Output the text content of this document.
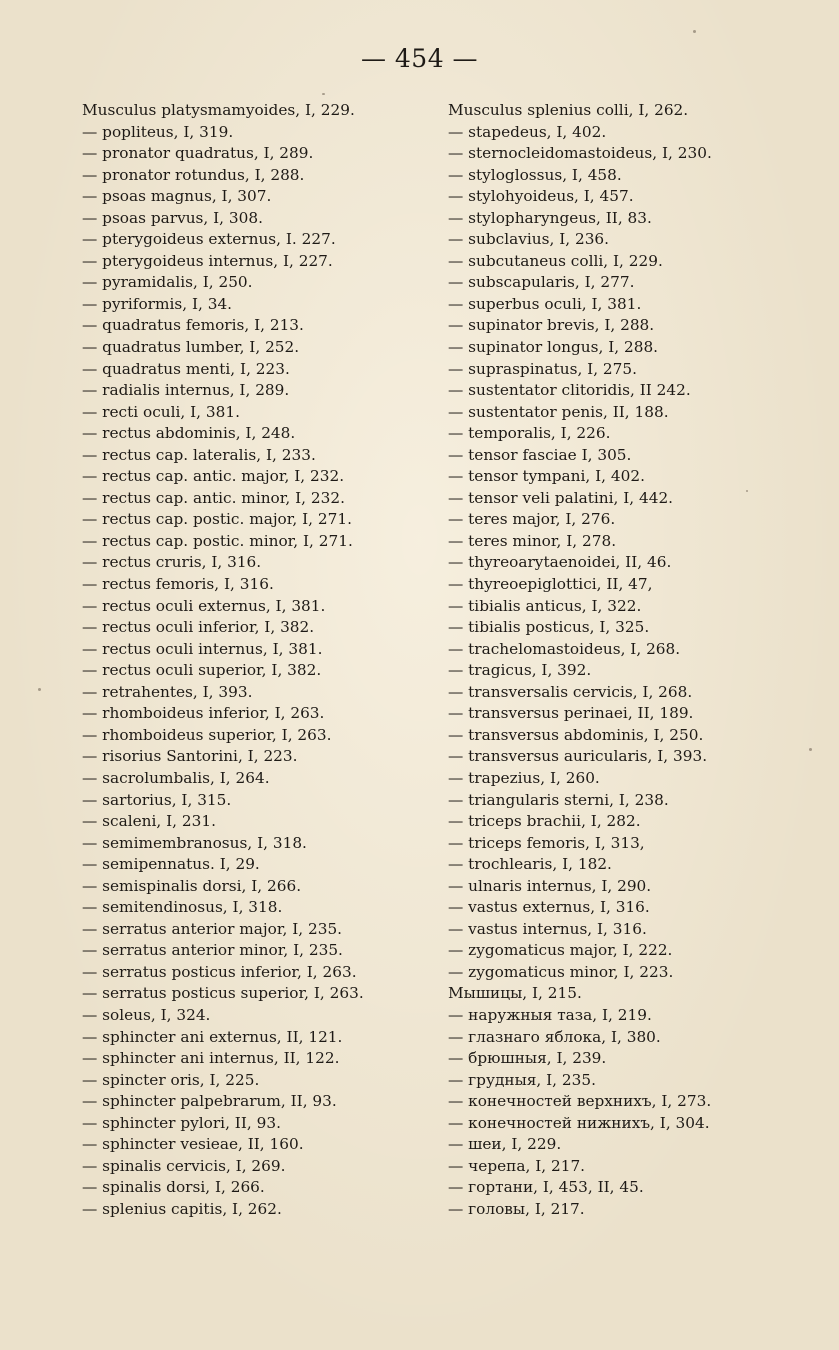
— 454 —
Musculus platysmamyoides, I, 229.
— popliteus, I, 319.
— pronator quadratus, I, 289.
— pronator rotundus, I, 288.
— psoas magnus, I, 307.
— psoas parvus, I, 308.
— pterygoideus externus, I. 227.
— pterygoideus internus, I, 227.
— pyramidalis, I, 250.
— pyriformis, I, 34.
— quadratus femoris, I, 213.
— quadratus lumber, I, 252.
— quadratus menti, I, 223.
— radialis internus, I, 289.
— recti oculi, I, 381.
— rectus abdominis, I, 248.
— rectus cap. lateralis, I, 233.
— rectus cap. antic. major, I, 232.
— rectus cap. antic. minor, I, 232.
— rectus cap. postic. major, I, 271.
— rectus cap. postic. minor, I, 271.
— rectus cruris, I, 316.
— rectus femoris, I, 316.
— rectus oculi externus, I, 381.
— rectus oculi inferior, I, 382.
— rectus oculi internus, I, 381.
— rectus oculi superior, I, 382.
— retrahentes, I, 393.
— rhomboideus inferior, I, 263.
— rhomboideus superior, I, 263.
— risorius Santorini, I, 223.
— sacrolumbalis, I, 264.
— sartorius, I, 315.
— scaleni, I, 231.
— semimembranosus, I, 318.
— semipennatus. I, 29.
— semispinalis dorsi, I, 266.
— semitendinosus, I, 318.
— serratus anterior major, I, 235.
— serratus anterior minor, I, 235.
— serratus posticus inferior, I, 263.
— serratus posticus superior, I, 263.
— soleus, I, 324.
— sphincter ani externus, II, 121.
— sphincter ani internus, II, 122.
— spincter oris, I, 225.
— sphincter palpebrarum, II, 93.
— sphincter pylori, II, 93.
— sphincter vesieae, II, 160.
— spinalis cervicis, I, 269.
— spinalis dorsi, I, 266.
— splenius capitis, I, 262.
Musculus splenius colli, I, 262.
— stapedeus, I, 402.
— sternocleidomastoideus, I, 230.
— styloglossus, I, 458.
— stylohyoideus, I, 457.
— stylopharyngeus, II, 83.
— subclavius, I, 236.
— subcutaneus colli, I, 229.
— subscapularis, I, 277.
— superbus oculi, I, 381.
— supinator brevis, I, 288.
— supinator longus, I, 288.
— supraspinatus, I, 275.
— sustentator clitoridis, II 242.
— sustentator penis, II, 188.
— temporalis, I, 226.
— tensor fasciae I, 305.
— tensor tympani, I, 402.
— tensor veli palatini, I, 442.
— teres major, I, 276.
— teres minor, I, 278.
— thyreoarytaenoidei, II, 46.
— thyreoepiglottici, II, 47,
— tibialis anticus, I, 322.
— tibialis posticus, I, 325.
— trachelomastoideus, I, 268.
— tragicus, I, 392.
— transversalis cervicis, I, 268.
— transversus perinaei, II, 189.
— transversus abdominis, I, 250.
— transversus auricularis, I, 393.
— trapezius, I, 260.
— triangularis sterni, I, 238.
— triceps brachii, I, 282.
— triceps femoris, I, 313,
— trochlearis, I, 182.
— ulnaris internus, I, 290.
— vastus externus, I, 316.
— vastus internus, I, 316.
— zygomaticus major, I, 222.
— zygomaticus minor, I, 223.
Мышицы, I, 215.
— наружныя таза, I, 219.
— глазнаго яблока, I, 380.
— брюшныя, I, 239.
— грудныя, I, 235.
— конечностей верхнихъ, I, 273.
— конечностей нижнихъ, I, 304.
— шеи, I, 229.
— черепа, I, 217.
— гортани, I, 453, II, 45.
— головы, I, 217.
